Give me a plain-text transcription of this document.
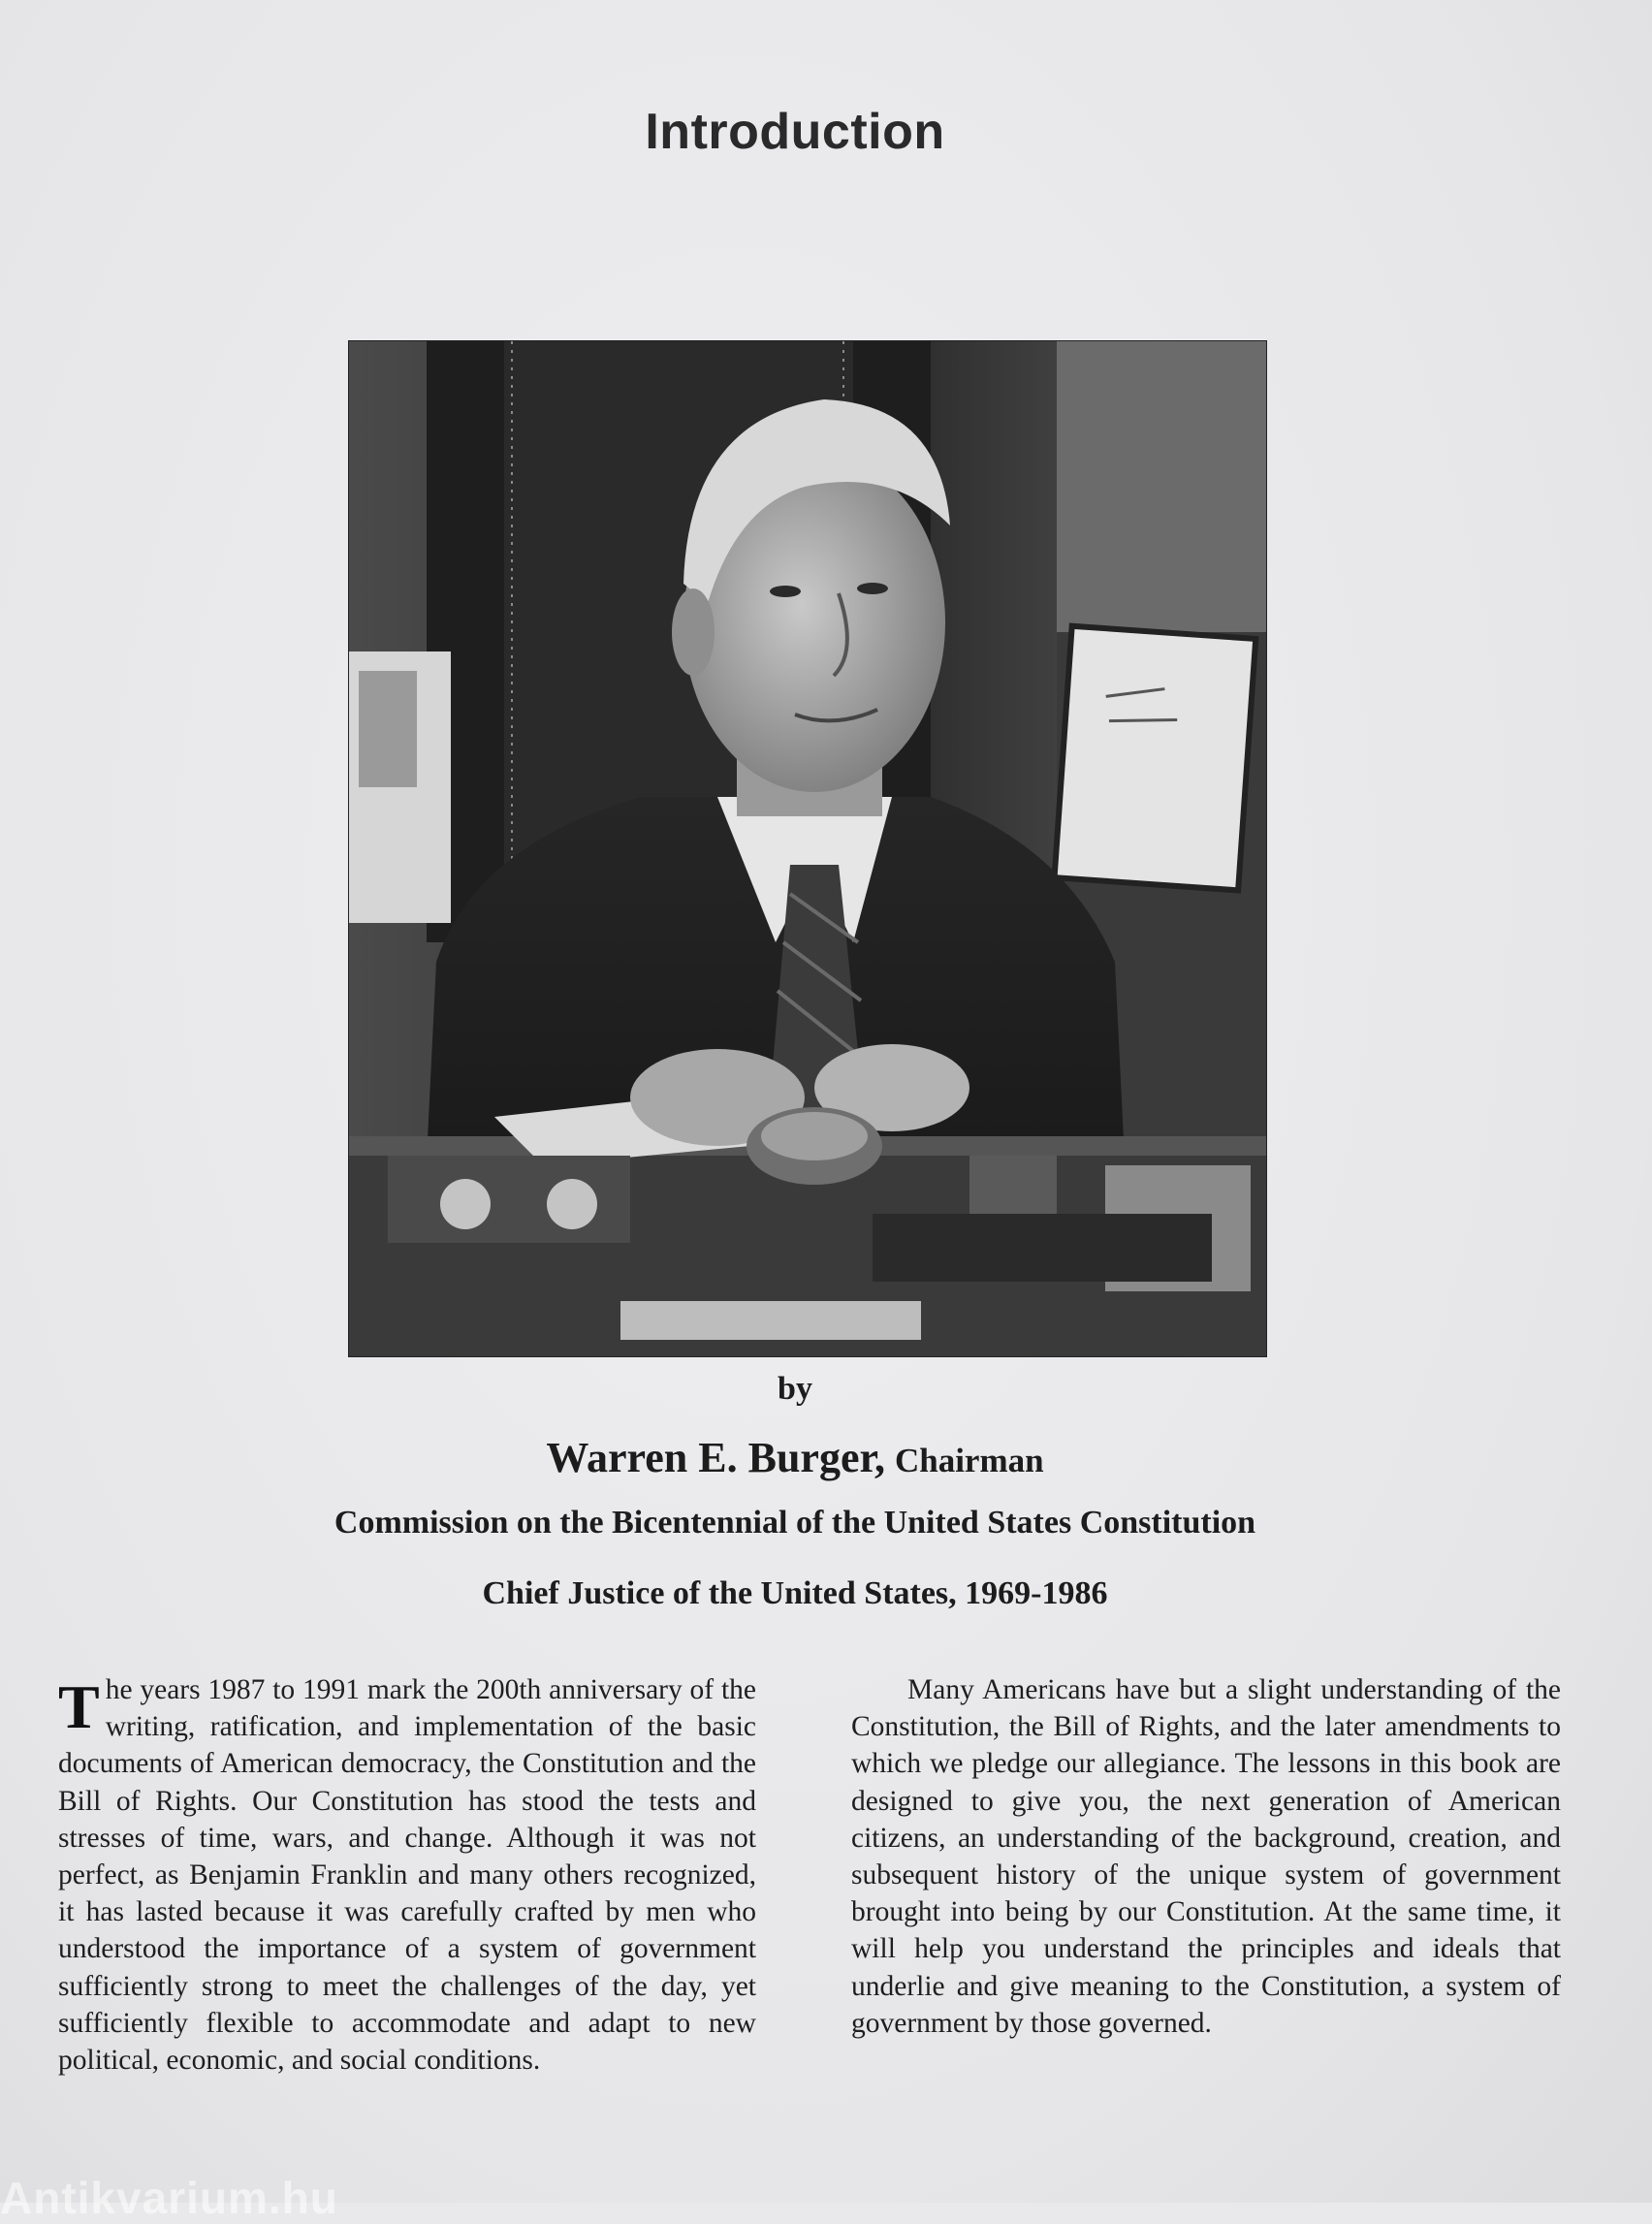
Introduction
by
Warren E. Burger, Chairman
Commission on the Bicentennial of the United States Constitution
Chief Justice of the United States, 1969-1986
The years 1987 to 1991 mark the 200th anniversary of the writing, ratification, and implementation of the basic documents of American democracy, the Constitution and the Bill of Rights. Our Constitution has stood the tests and stresses of time, wars, and change. Although it was not perfect, as Benjamin Franklin and many others recognized, it has lasted because it was carefully crafted by men who understood the importance of a system of government sufficiently strong to meet the challenges of the day, yet sufficiently flexible to accommodate and adapt to new political, economic, and social conditions.
Many Americans have but a slight understanding of the Constitution, the Bill of Rights, and the later amendments to which we pledge our allegiance. The lessons in this book are designed to give you, the next generation of American citizens, an understanding of the background, creation, and subsequent history of the unique system of government brought into being by our Constitution. At the same time, it will help you understand the principles and ideals that underlie and give meaning to the Constitution, a system of government by those governed.
Antikvarium.hu
